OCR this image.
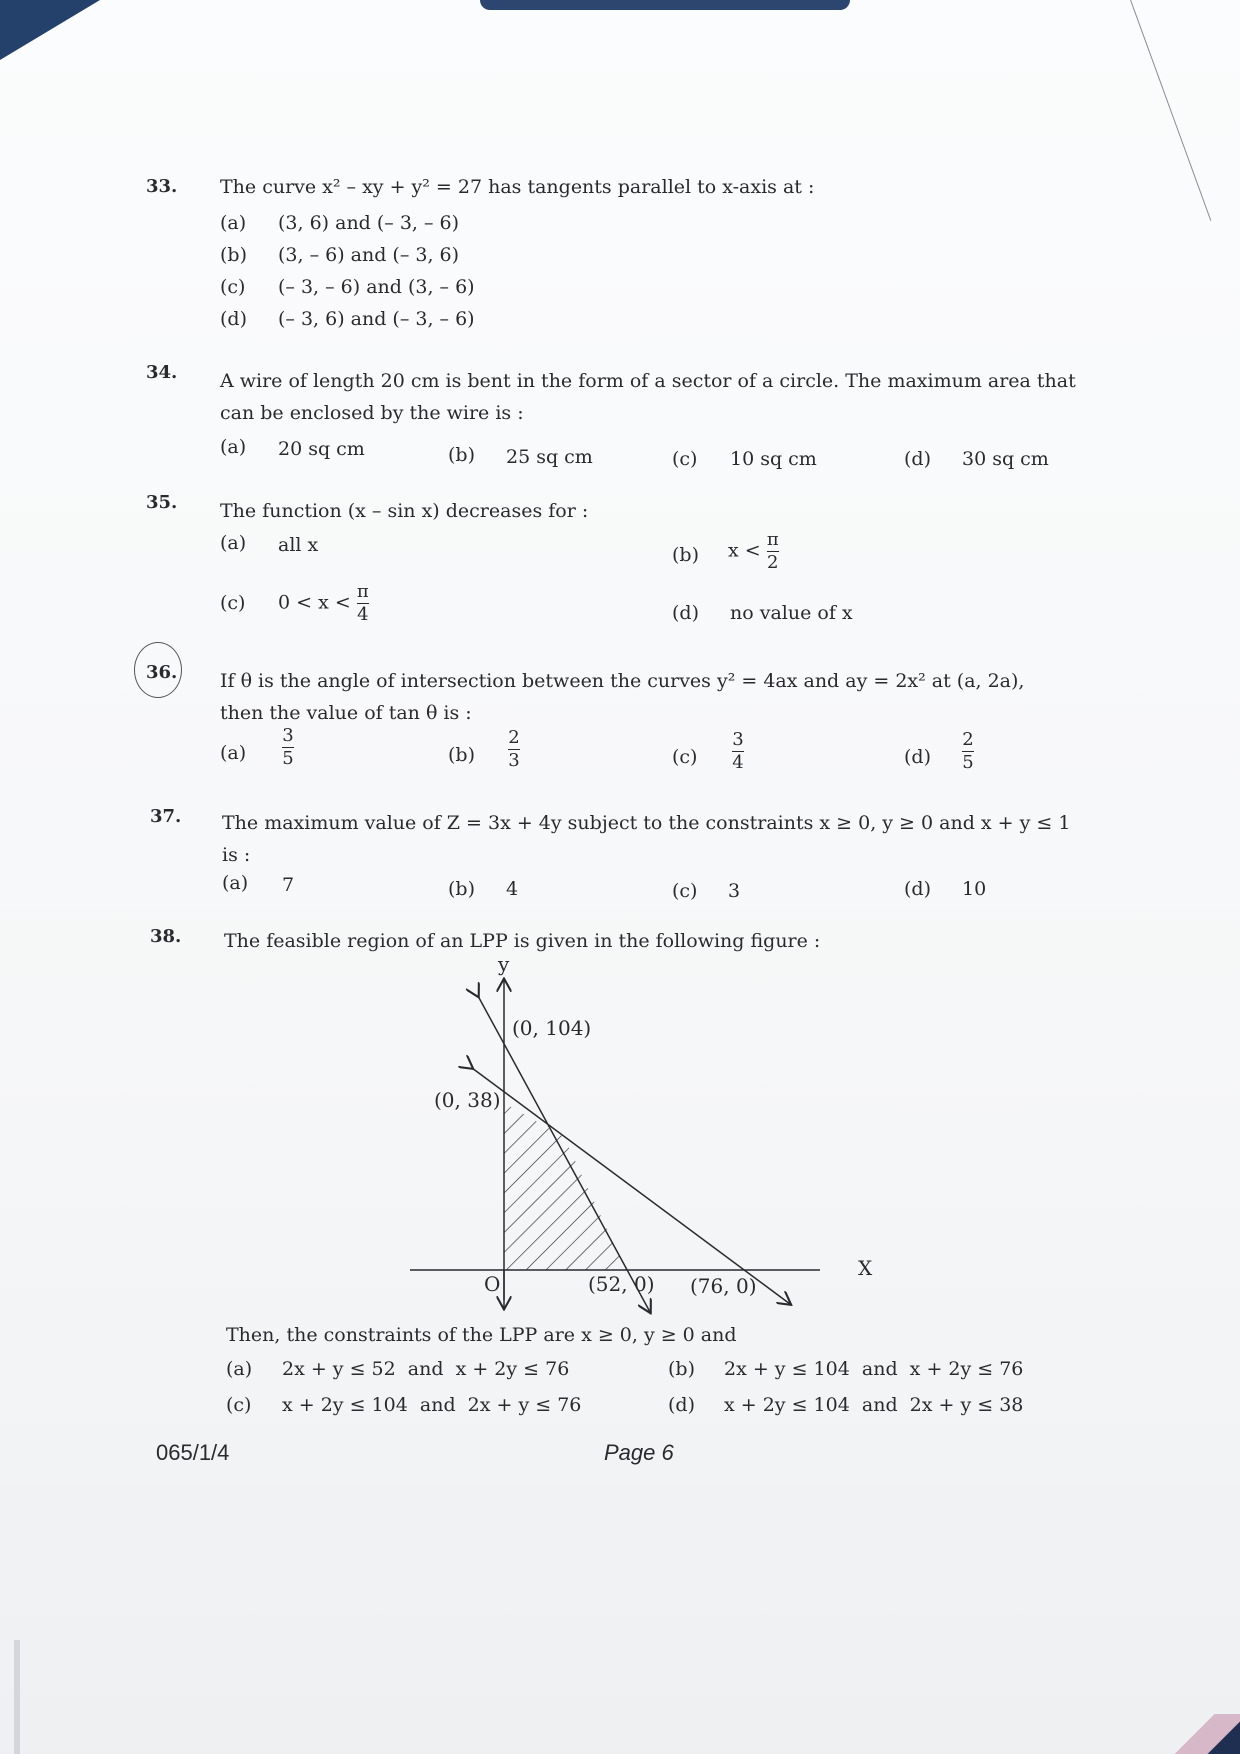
33. The curve x² – xy + y² = 27 has tangents parallel to x-axis at :
(a) (3, 6) and (– 3, – 6)
(b) (3, – 6) and (– 3, 6)
(c) (– 3, – 6) and (3, – 6)
(d) (– 3, 6) and (– 3, – 6)
34. A wire of length 20 cm is bent in the form of a sector of a circle. The maximum area that
can be enclosed by the wire is :
(a) 20 sq cm	(b) 25 sq cm	(c) 10 sq cm	(d) 30 sq cm
35. The function (x – sin x) decreases for :
(a) all x	(b) $x < \frac{\pi}{2}$
(c) $0 < x < \frac{\pi}{4}$	(d) no value of x
36. If θ is the angle of intersection between the curves y² = 4ax and ay = 2x² at (a, 2a),
then the value of tan θ is :
$(a) \frac{3}{5}$	$(b) \frac{2}{3}$	$(c) \frac{3}{4}$	$(d) \frac{2}{5}$
37. The maximum value of Z = 3x + 4y subject to the constraints x ≥ 0, y ≥ 0 and x + y ≤ 1
is :
(a) 7	(b) 4	(c) 3	(d) 10
38. The feasible region of an LPP is given in the following figure :
y
X
O
(0, 104)
(0, 38)
(52, 0) (76, 0)
Then, the constraints of the LPP are x ≥ 0, y ≥ 0 and
(a) 2x + y ≤ 52  and  x + 2y ≤ 76	(b) 2x + y ≤ 104  and  x + 2y ≤ 76
(c) x + 2y ≤ 104  and  2x + y ≤ 76	(d) x + 2y ≤ 104  and  2x + y ≤ 38
065/1/4	Page 6
